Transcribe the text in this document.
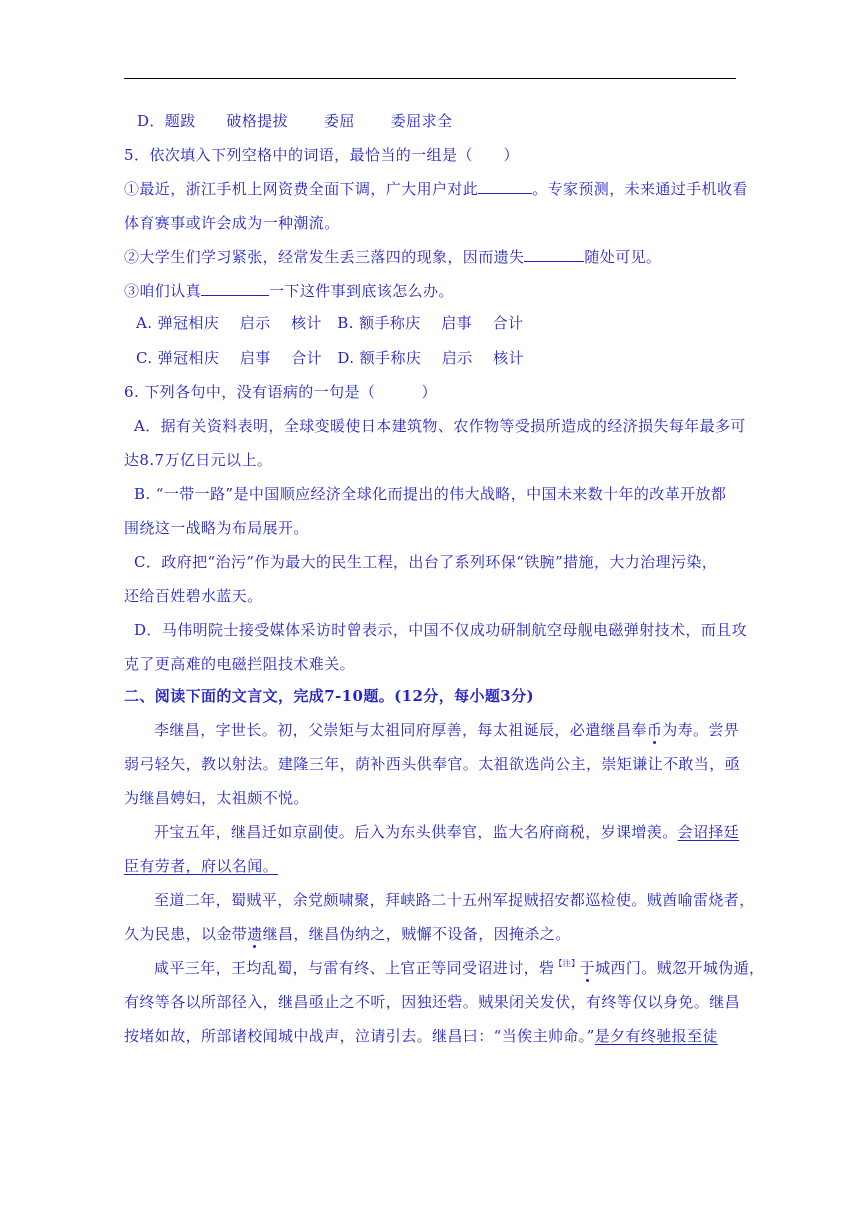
D．题跋　　破格提拔　　 委屈　　 委屈求全
5．依次填入下列空格中的词语，最恰当的一组是（　　）
①最近，浙江手机上网资费全面下调，广大用户对此	。专家预测，未来通过手机收看
体育赛事或许会成为一种潮流。
②大学生们学习紧张，经常发生丢三落四的现象，因而遗失	随处可见。
③咱们认真	一下这件事到底该怎么办。
A. 弹冠相庆　 启示　 核计　B. 额手称庆　 启事　 合计
C. 弹冠相庆　 启事　 合计　D. 额手称庆　 启示　 核计
6. 下列各句中，没有语病的一句是（　　　）
A．据有关资料表明，全球变暖使日本建筑物、农作物等受损所造成的经济损失每年最多可
达8.7万亿日元以上。
B. “一带一路”是中国顺应经济全球化而提出的伟大战略，中国未来数十年的改革开放都
围绕这一战略为布局展开。
C．政府把“治污”作为最大的民生工程，出台了系列环保“铁腕”措施，大力治理污染，
还给百姓碧水蓝天。
D．马伟明院士接受媒体采访时曾表示，中国不仅成功研制航空母舰电磁弹射技术，而且攻
克了更高难的电磁拦阻技术难关。
二、阅读下面的文言文，完成7-10题。(12分，每小题3分)
李继昌，字世长。初，父崇矩与太祖同府厚善，每太祖诞辰，必遣继昌奉币为寿。尝畀
弱弓轻矢，教以射法。建隆三年，荫补西头供奉官。太祖欲选尚公主，崇矩谦让不敢当，亟
为继昌娉妇，太祖颇不悦。
开宝五年，继昌迁如京副使。后入为东头供奉官，监大名府商税，岁课增羡。会诏择廷
臣有劳者，府以名闻。
至道二年，蜀贼平，余党颇啸聚，拜峡路二十五州军捉贼招安都巡检使。贼酋喻雷烧者，
久为民患，以金带遗继昌，继昌伪纳之，贼懈不设备，因掩杀之。
咸平三年，王均乱蜀，与雷有终、上官正等同受诏进讨，砦$^{【注】}$于城西门。贼忽开城伪遁，
有终等各以所部径入，继昌亟止之不听，因独还砦。贼果闭关发伏，有终等仅以身免。继昌
按堵如故，所部诸校闻城中战声，泣请引去。继昌曰：“当俟主帅命。”是夕有终驰报至徒
